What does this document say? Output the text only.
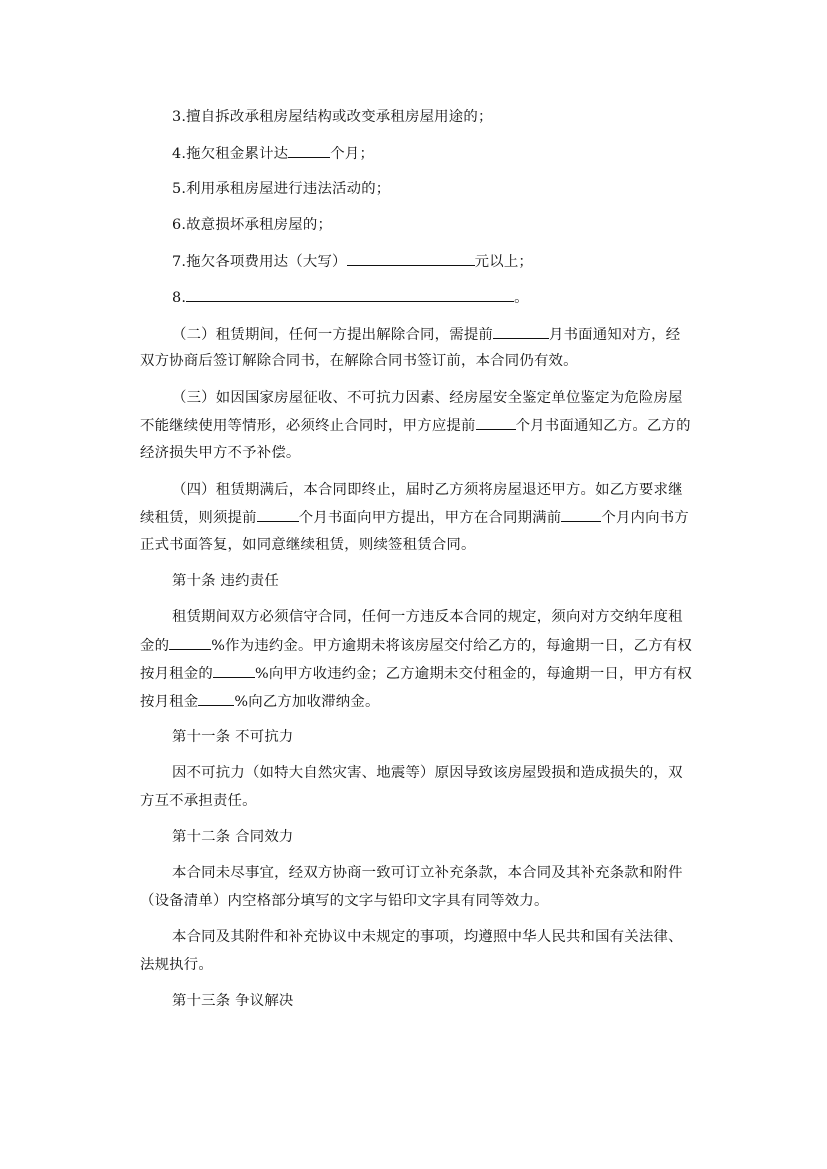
3.擅自拆改承租房屋结构或改变承租房屋用途的；
4.拖欠租金累计达	个月；
5.利用承租房屋进行违法活动的；
6.故意损坏承租房屋的；
7.拖欠各项费用达（大写）	元以上；
8.	。
（二）租赁期间，任何一方提出解除合同，需提前	月书面通知对方，经
双方协商后签订解除合同书，在解除合同书签订前，本合同仍有效。
（三）如因国家房屋征收、不可抗力因素、经房屋安全鉴定单位鉴定为危险房屋
不能继续使用等情形，必须终止合同时，甲方应提前	个月书面通知乙方。乙方的
经济损失甲方不予补偿。
（四）租赁期满后，本合同即终止，届时乙方须将房屋退还甲方。如乙方要求继
续租赁，则须提前	个月书面向甲方提出，甲方在合同期满前	个月内向书方
正式书面答复，如同意继续租赁，则续签租赁合同。
第十条 违约责任
租赁期间双方必须信守合同，任何一方违反本合同的规定，须向对方交纳年度租
金的	%作为违约金。甲方逾期未将该房屋交付给乙方的，每逾期一日，乙方有权
按月租金的	%向甲方收违约金；乙方逾期未交付租金的，每逾期一日，甲方有权
按月租金	%向乙方加收滞纳金。
第十一条 不可抗力
因不可抗力（如特大自然灾害、地震等）原因导致该房屋毁损和造成损失的，双
方互不承担责任。
第十二条 合同效力
本合同未尽事宜，经双方协商一致可订立补充条款，本合同及其补充条款和附件
（设备清单）内空格部分填写的文字与铅印文字具有同等效力。
本合同及其附件和补充协议中未规定的事项，均遵照中华人民共和国有关法律、
法规执行。
第十三条 争议解决
